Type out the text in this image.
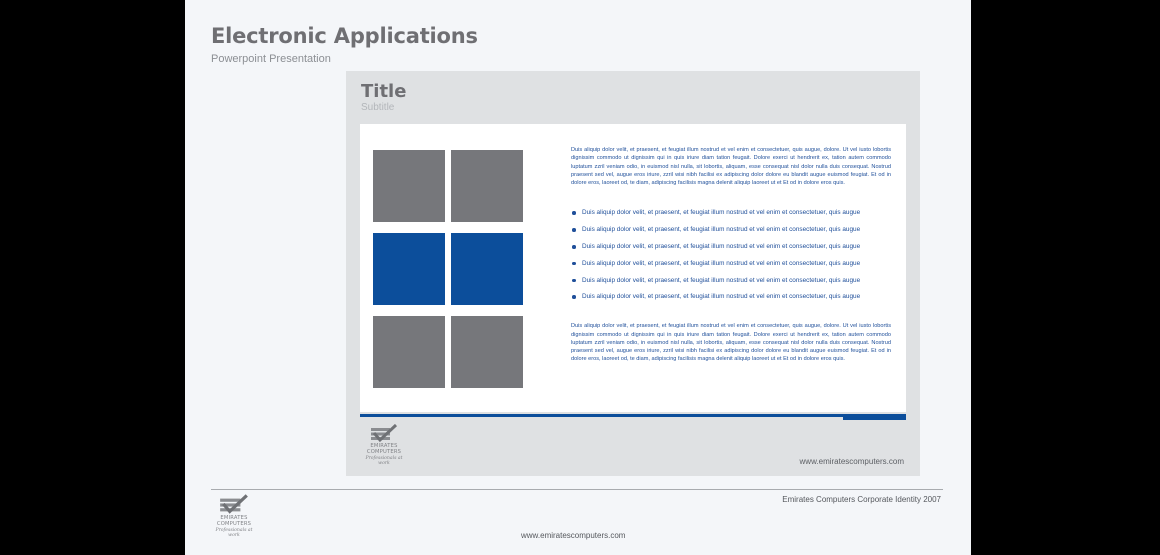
Electronic Applications
Powerpoint Presentation
Title
Subtitle

Duis aliquip dolor velit, et praesent, et feugiat illum nostrud et vel enim et consectetuer, quis augue, dolore. Ut vel iusto lobortis dignissim commodo ut dignissim qui in quis iriure diam tation feugait. Dolore exerci ut hendrerit ex, tation autem commodo luptatum zzril veniam odio, in euismod nisl nulla, sit lobortis, aliquam, esse consequat nisl dolor nulla duis consequat. Nostrud praesent sed vel, augue eros iriure, zzril wisi nibh facilisi ex adipiscing dolor dolore eu blandit augue euismod feugiat. Et od in dolore eros, laoreet od, te diam, adipiscing facilisis magna delenit aliquip laoreet ut et Et od in dolore eros quis.

Duis aliquip dolor velit, et praesent, et feugiat illum nostrud et vel enim et consectetuer, quis augue
Duis aliquip dolor velit, et praesent, et feugiat illum nostrud et vel enim et consectetuer, quis augue
Duis aliquip dolor velit, et praesent, et feugiat illum nostrud et vel enim et consectetuer, quis augue
Duis aliquip dolor velit, et praesent, et feugiat illum nostrud et vel enim et consectetuer, quis augue
Duis aliquip dolor velit, et praesent, et feugiat illum nostrud et vel enim et consectetuer, quis augue
Duis aliquip dolor velit, et praesent, et feugiat illum nostrud et vel enim et consectetuer, quis augue

Duis aliquip dolor velit, et praesent, et feugiat illum nostrud et vel enim et consectetuer, quis augue, dolore. Ut vel iusto lobortis dignissim commodo ut dignissim qui in quis iriure diam tation feugait. Dolore exerci ut hendrerit ex, tation autem commodo luptatum zzril veniam odio, in euismod nisl nulla, sit lobortis, aliquam, esse consequat nisl dolor nulla duis consequat. Nostrud praesent sed vel, augue eros iriure, zzril wisi nibh facilisi ex adipiscing dolor dolore eu blandit augue euismod feugiat. Et od in dolore eros, laoreet od, te diam, adipiscing facilisis magna delenit aliquip laoreet ut et Et od in dolore eros quis.

EMIRATES
COMPUTERS
Professionals at work	www.emiratescomputers.com
EMIRATES
COMPUTERS
Professionals at work
Emirates Computers Corporate Identity 2007
www.emiratescomputers.com
